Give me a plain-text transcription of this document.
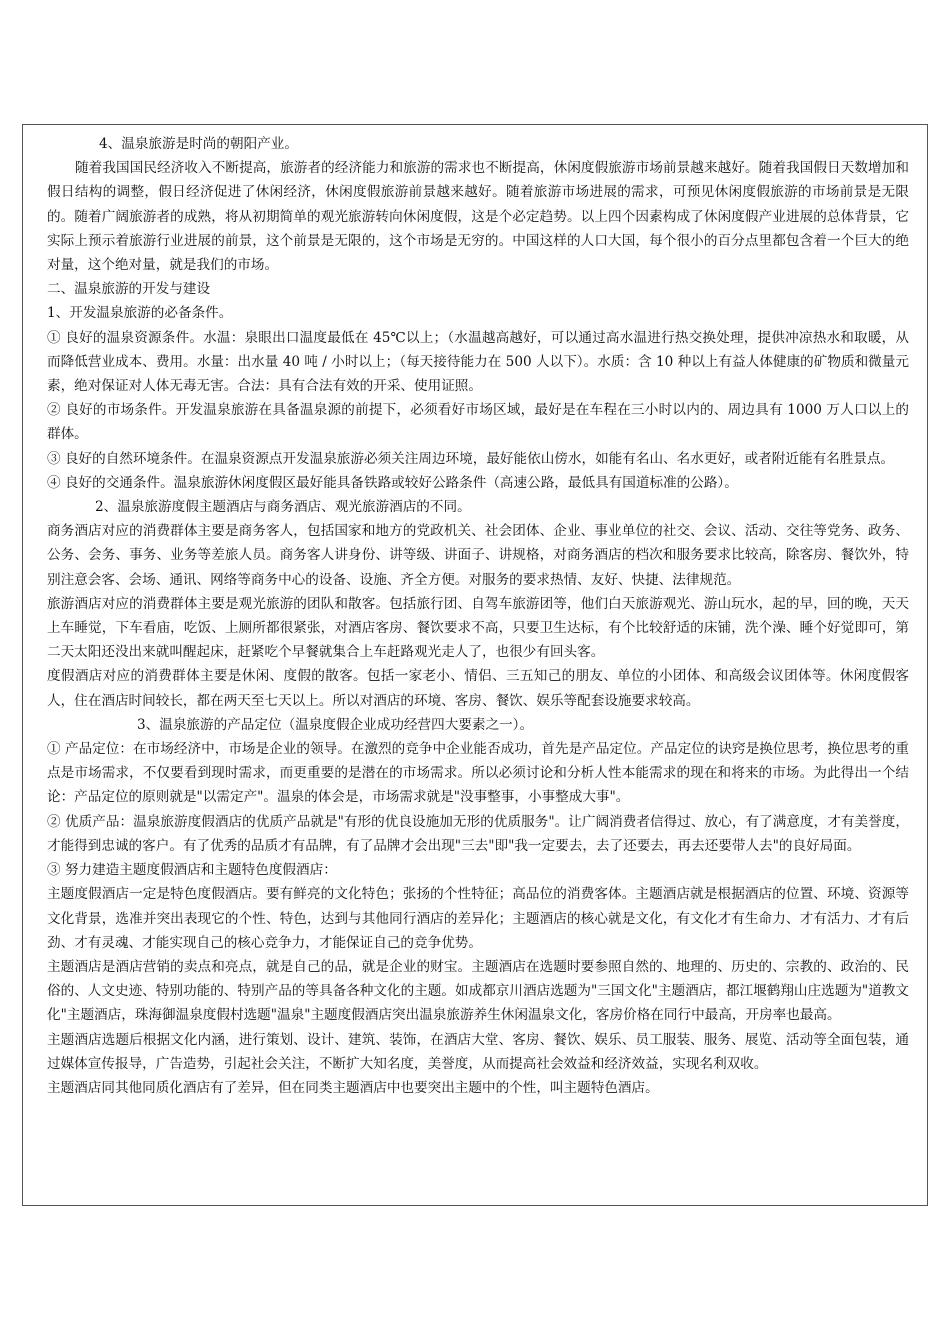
4、温泉旅游是时尚的朝阳产业。

随着我国国民经济收入不断提高，旅游者的经济能力和旅游的需求也不断提高，休闲度假旅游市场前景越来越好。随着我国假日天数增加和假日结构的调整，假日经济促进了休闲经济，休闲度假旅游前景越来越好。随着旅游市场进展的需求，可预见休闲度假旅游的市场前景是无限的。随着广阔旅游者的成熟，将从初期简单的观光旅游转向休闲度假，这是个必定趋势。以上四个因素构成了休闲度假产业进展的总体背景，它实际上预示着旅游行业进展的前景，这个前景是无限的，这个市场是无穷的。中国这样的人口大国，每个很小的百分点里都包含着一个巨大的绝对量，这个绝对量，就是我们的市场。

二、温泉旅游的开发与建设

1、开发温泉旅游的必备条件。

① 良好的温泉资源条件。水温：泉眼出口温度最低在 45℃以上；（水温越高越好，可以通过高水温进行热交换处理，提供冲凉热水和取暖，从而降低营业成本、费用。水量：出水量 40 吨 / 小时以上；（每天接待能力在 500 人以下）。水质：含 10 种以上有益人体健康的矿物质和微量元素，绝对保证对人体无毒无害。合法：具有合法有效的开采、使用证照。

② 良好的市场条件。开发温泉旅游在具备温泉源的前提下，必须看好市场区域，最好是在车程在三小时以内的、周边具有 1000 万人口以上的群体。

③ 良好的自然环境条件。在温泉资源点开发温泉旅游必须关注周边环境，最好能依山傍水，如能有名山、名水更好，或者附近能有名胜景点。

④ 良好的交通条件。温泉旅游休闲度假区最好能具备铁路或较好公路条件（高速公路，最低具有国道标准的公路）。

2、温泉旅游度假主题酒店与商务酒店、观光旅游酒店的不同。

商务酒店对应的消费群体主要是商务客人，包括国家和地方的党政机关、社会团体、企业、事业单位的社交、会议、活动、交往等党务、政务、公务、会务、事务、业务等差旅人员。商务客人讲身份、讲等级、讲面子、讲规格，对商务酒店的档次和服务要求比较高，除客房、餐饮外，特别注意会客、会场、通讯、网络等商务中心的设备、设施、齐全方便。对服务的要求热情、友好、快捷、法律规范。

旅游酒店对应的消费群体主要是观光旅游的团队和散客。包括旅行团、自驾车旅游团等，他们白天旅游观光、游山玩水，起的早，回的晚，天天上车睡觉，下车看庙，吃饭、上厕所都很紧张，对酒店客房、餐饮要求不高，只要卫生达标，有个比较舒适的床铺，洗个澡、睡个好觉即可，第二天太阳还没出来就叫醒起床，赶紧吃个早餐就集合上车赶路观光走人了，也很少有回头客。

度假酒店对应的消费群体主要是休闲、度假的散客。包括一家老小、情侣、三五知己的朋友、单位的小团体、和高级会议团体等。休闲度假客人，住在酒店时间较长，都在两天至七天以上。所以对酒店的环境、客房、餐饮、娱乐等配套设施要求较高。

3、温泉旅游的产品定位（温泉度假企业成功经营四大要素之一）。

① 产品定位：在市场经济中，市场是企业的领导。在激烈的竞争中企业能否成功，首先是产品定位。产品定位的诀窍是换位思考，换位思考的重点是市场需求，不仅要看到现时需求，而更重要的是潜在的市场需求。所以必须讨论和分析人性本能需求的现在和将来的市场。为此得出一个结论：产品定位的原则就是"以需定产"。温泉的体会是，市场需求就是"没事整事，小事整成大事"。

② 优质产品：温泉旅游度假酒店的优质产品就是"有形的优良设施加无形的优质服务"。让广阔消费者信得过、放心，有了满意度，才有美誉度，才能得到忠诚的客户。有了优秀的品质才有品牌，有了品牌才会出现"三去"即"我一定要去，去了还要去，再去还要带人去"的良好局面。

③ 努力建造主题度假酒店和主题特色度假酒店：

主题度假酒店一定是特色度假酒店。要有鲜亮的文化特色；张扬的个性特征；高品位的消费客体。主题酒店就是根据酒店的位置、环境、资源等文化背景，选准并突出表现它的个性、特色，达到与其他同行酒店的差异化；主题酒店的核心就是文化，有文化才有生命力、才有活力、才有后劲、才有灵魂、才能实现自己的核心竞争力，才能保证自己的竞争优势。

主题酒店是酒店营销的卖点和亮点，就是自己的品，就是企业的财宝。主题酒店在选题时要参照自然的、地理的、历史的、宗教的、政治的、民俗的、人文史迹、特别功能的、特别产品的等具备各种文化的主题。如成都京川酒店选题为"三国文化"主题酒店，都江堰鹤翔山庄选题为"道教文化"主题酒店，珠海御温泉度假村选题"温泉"主题度假酒店突出温泉旅游养生休闲温泉文化，客房价格在同行中最高，开房率也最高。

主题酒店选题后根据文化内涵，进行策划、设计、建筑、装饰，在酒店大堂、客房、餐饮、娱乐、员工服装、服务、展览、活动等全面包装，通过媒体宣传报导，广告造势，引起社会关注，不断扩大知名度，美誉度，从而提高社会效益和经济效益，实现名利双收。

主题酒店同其他同质化酒店有了差异，但在同类主题酒店中也要突出主题中的个性，叫主题特色酒店。
